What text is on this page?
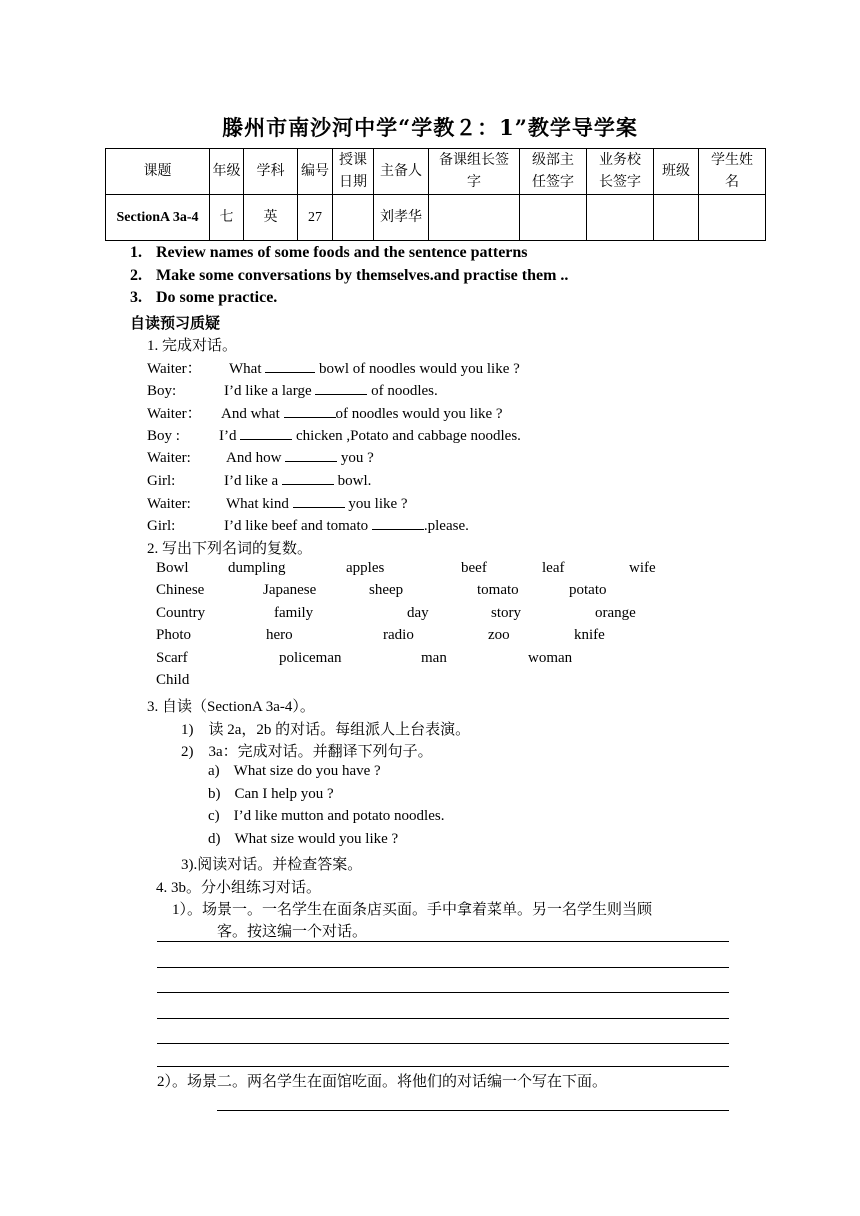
滕州市南沙河中学“学教２：1”教学导学案
课题	年级	学科	编号	授课日期	主备人	备课组长签字	级部主任签字	业务校长签字	班级	学生姓名
SectionA 3a-4	七	英	27		刘孝华					
1. Review names of some foods and the sentence patterns
2. Make some conversations by themselves.and practise them ..
3. Do some practice.
自读预习质疑
1. 完成对话。
Waiter： What	bowl of noodles would you like ?
Boy:	I’d like a large	of noodles.
Waiter： And what	of noodles would you like ?
Boy :	I’d	chicken ,Potato and cabbage noodles.
Waiter: And how	you ?
Girl:	I’d like a	bowl.
Waiter: What kind	you like ?
Girl:	I’d like beef and tomato	.please.
2. 写出下列名词的复数。
Bowl	dumpling	apples	beef	leaf	wife
Chinese	Japanese	sheep	tomato	potato
Country	family	day	story	orange
Photo	hero	radio	zoo	knife
Scarf	policeman	man	woman
Child
3. 自读（SectionA 3a-4）。
1) 读 2a，2b 的对话。每组派人上台表演。
2) 3a：完成对话。并翻译下列句子。
a) What size do you have ?
b) Can I help you ?
c) I’d like mutton and potato noodles.
d) What size would you like ?
3).阅读对话。并检查答案。
4. 3b。分小组练习对话。
1）。场景一。一名学生在面条店买面。手中拿着菜单。另一名学生则当顾
客。按这编一个对话。
2）。场景二。两名学生在面馆吃面。将他们的对话编一个写在下面。
